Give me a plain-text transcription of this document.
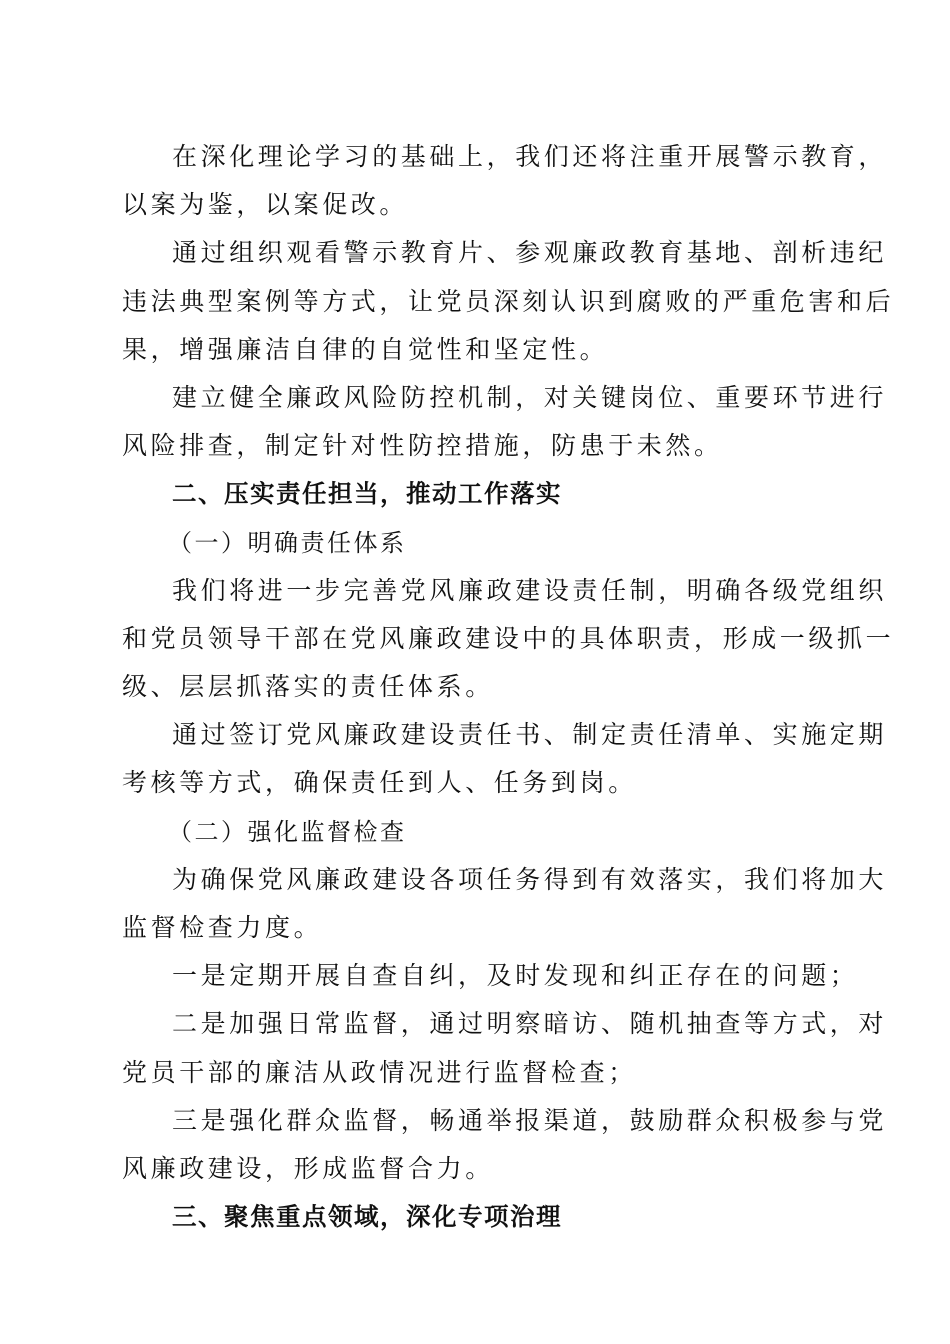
在深化理论学习的基础上，我们还将注重开展警示教育，
以案为鉴，以案促改。
通过组织观看警示教育片、参观廉政教育基地、剖析违纪
违法典型案例等方式，让党员深刻认识到腐败的严重危害和后
果，增强廉洁自律的自觉性和坚定性。
建立健全廉政风险防控机制，对关键岗位、重要环节进行
风险排查，制定针对性防控措施，防患于未然。
二、压实责任担当，推动工作落实
（一）明确责任体系
我们将进一步完善党风廉政建设责任制，明确各级党组织
和党员领导干部在党风廉政建设中的具体职责，形成一级抓一
级、层层抓落实的责任体系。
通过签订党风廉政建设责任书、制定责任清单、实施定期
考核等方式，确保责任到人、任务到岗。
（二）强化监督检查
为确保党风廉政建设各项任务得到有效落实，我们将加大
监督检查力度。
一是定期开展自查自纠，及时发现和纠正存在的问题；
二是加强日常监督，通过明察暗访、随机抽查等方式，对
党员干部的廉洁从政情况进行监督检查；
三是强化群众监督，畅通举报渠道，鼓励群众积极参与党
风廉政建设，形成监督合力。
三、聚焦重点领域，深化专项治理
